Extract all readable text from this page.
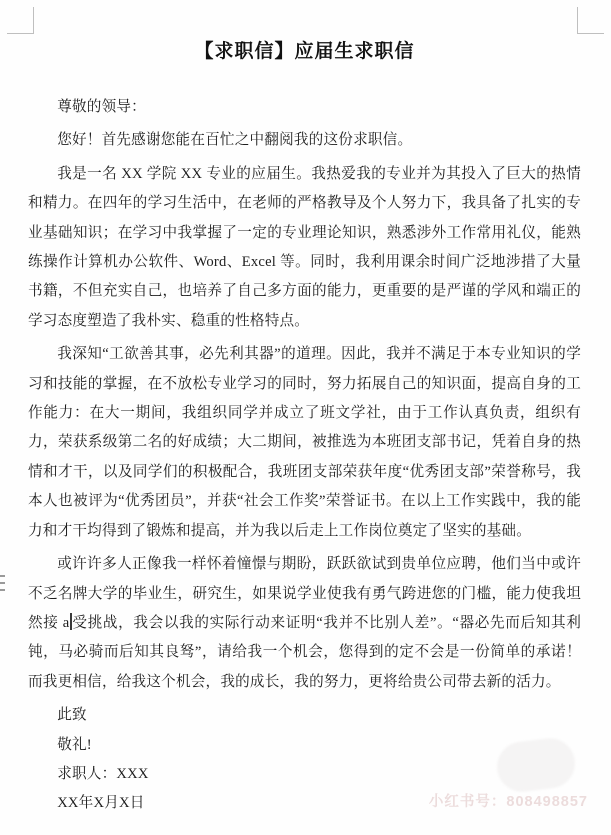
【求职信】应届生求职信

尊敬的领导：

您好！首先感谢您能在百忙之中翻阅我的这份求职信。

我是一名 XX 学院 XX 专业的应届生。我热爱我的专业并为其投入了巨大的热情和精力。在四年的学习生活中，在老师的严格教导及个人努力下，我具备了扎实的专业基础知识；在学习中我掌握了一定的专业理论知识，熟悉涉外工作常用礼仪，能熟练操作计算机办公软件、Word、Excel 等。同时，我利用课余时间广泛地涉措了大量书籍，不但充实自己，也培养了自己多方面的能力，更重要的是严谨的学风和端正的学习态度塑造了我朴实、稳重的性格特点。

我深知“工欲善其事，必先利其器”的道理。因此，我并不满足于本专业知识的学习和技能的掌握，在不放松专业学习的同时，努力拓展自己的知识面，提高自身的工作能力：在大一期间，我组织同学并成立了班文学社，由于工作认真负责，组织有力，荣获系级第二名的好成绩；大二期间，被推选为本班团支部书记，凭着自身的热情和才干，以及同学们的积极配合，我班团支部荣获年度“优秀团支部”荣誉称号，我本人也被评为“优秀团员”，并获“社会工作奖”荣誉证书。在以上工作实践中，我的能力和才干均得到了锻炼和提高，并为我以后走上工作岗位奠定了坚实的基础。

或许许多人正像我一样怀着憧憬与期盼，跃跃欲试到贵单位应聘，他们当中或许不乏名牌大学的毕业生，研究生，如果说学业使我有勇气跨进您的门槛，能力使我坦然接 a 受挑战，我会以我的实际行动来证明“我并不比别人差”。“器必先而后知其利钝，马必骑而后知其良驽”，请给我一个机会，您得到的定不会是一份简单的承诺！而我更相信，给我这个机会，我的成长，我的努力，更将给贵公司带去新的活力。

此致

敬礼!

求职人：XXX

XX年X月X日	小红书号：808498857
